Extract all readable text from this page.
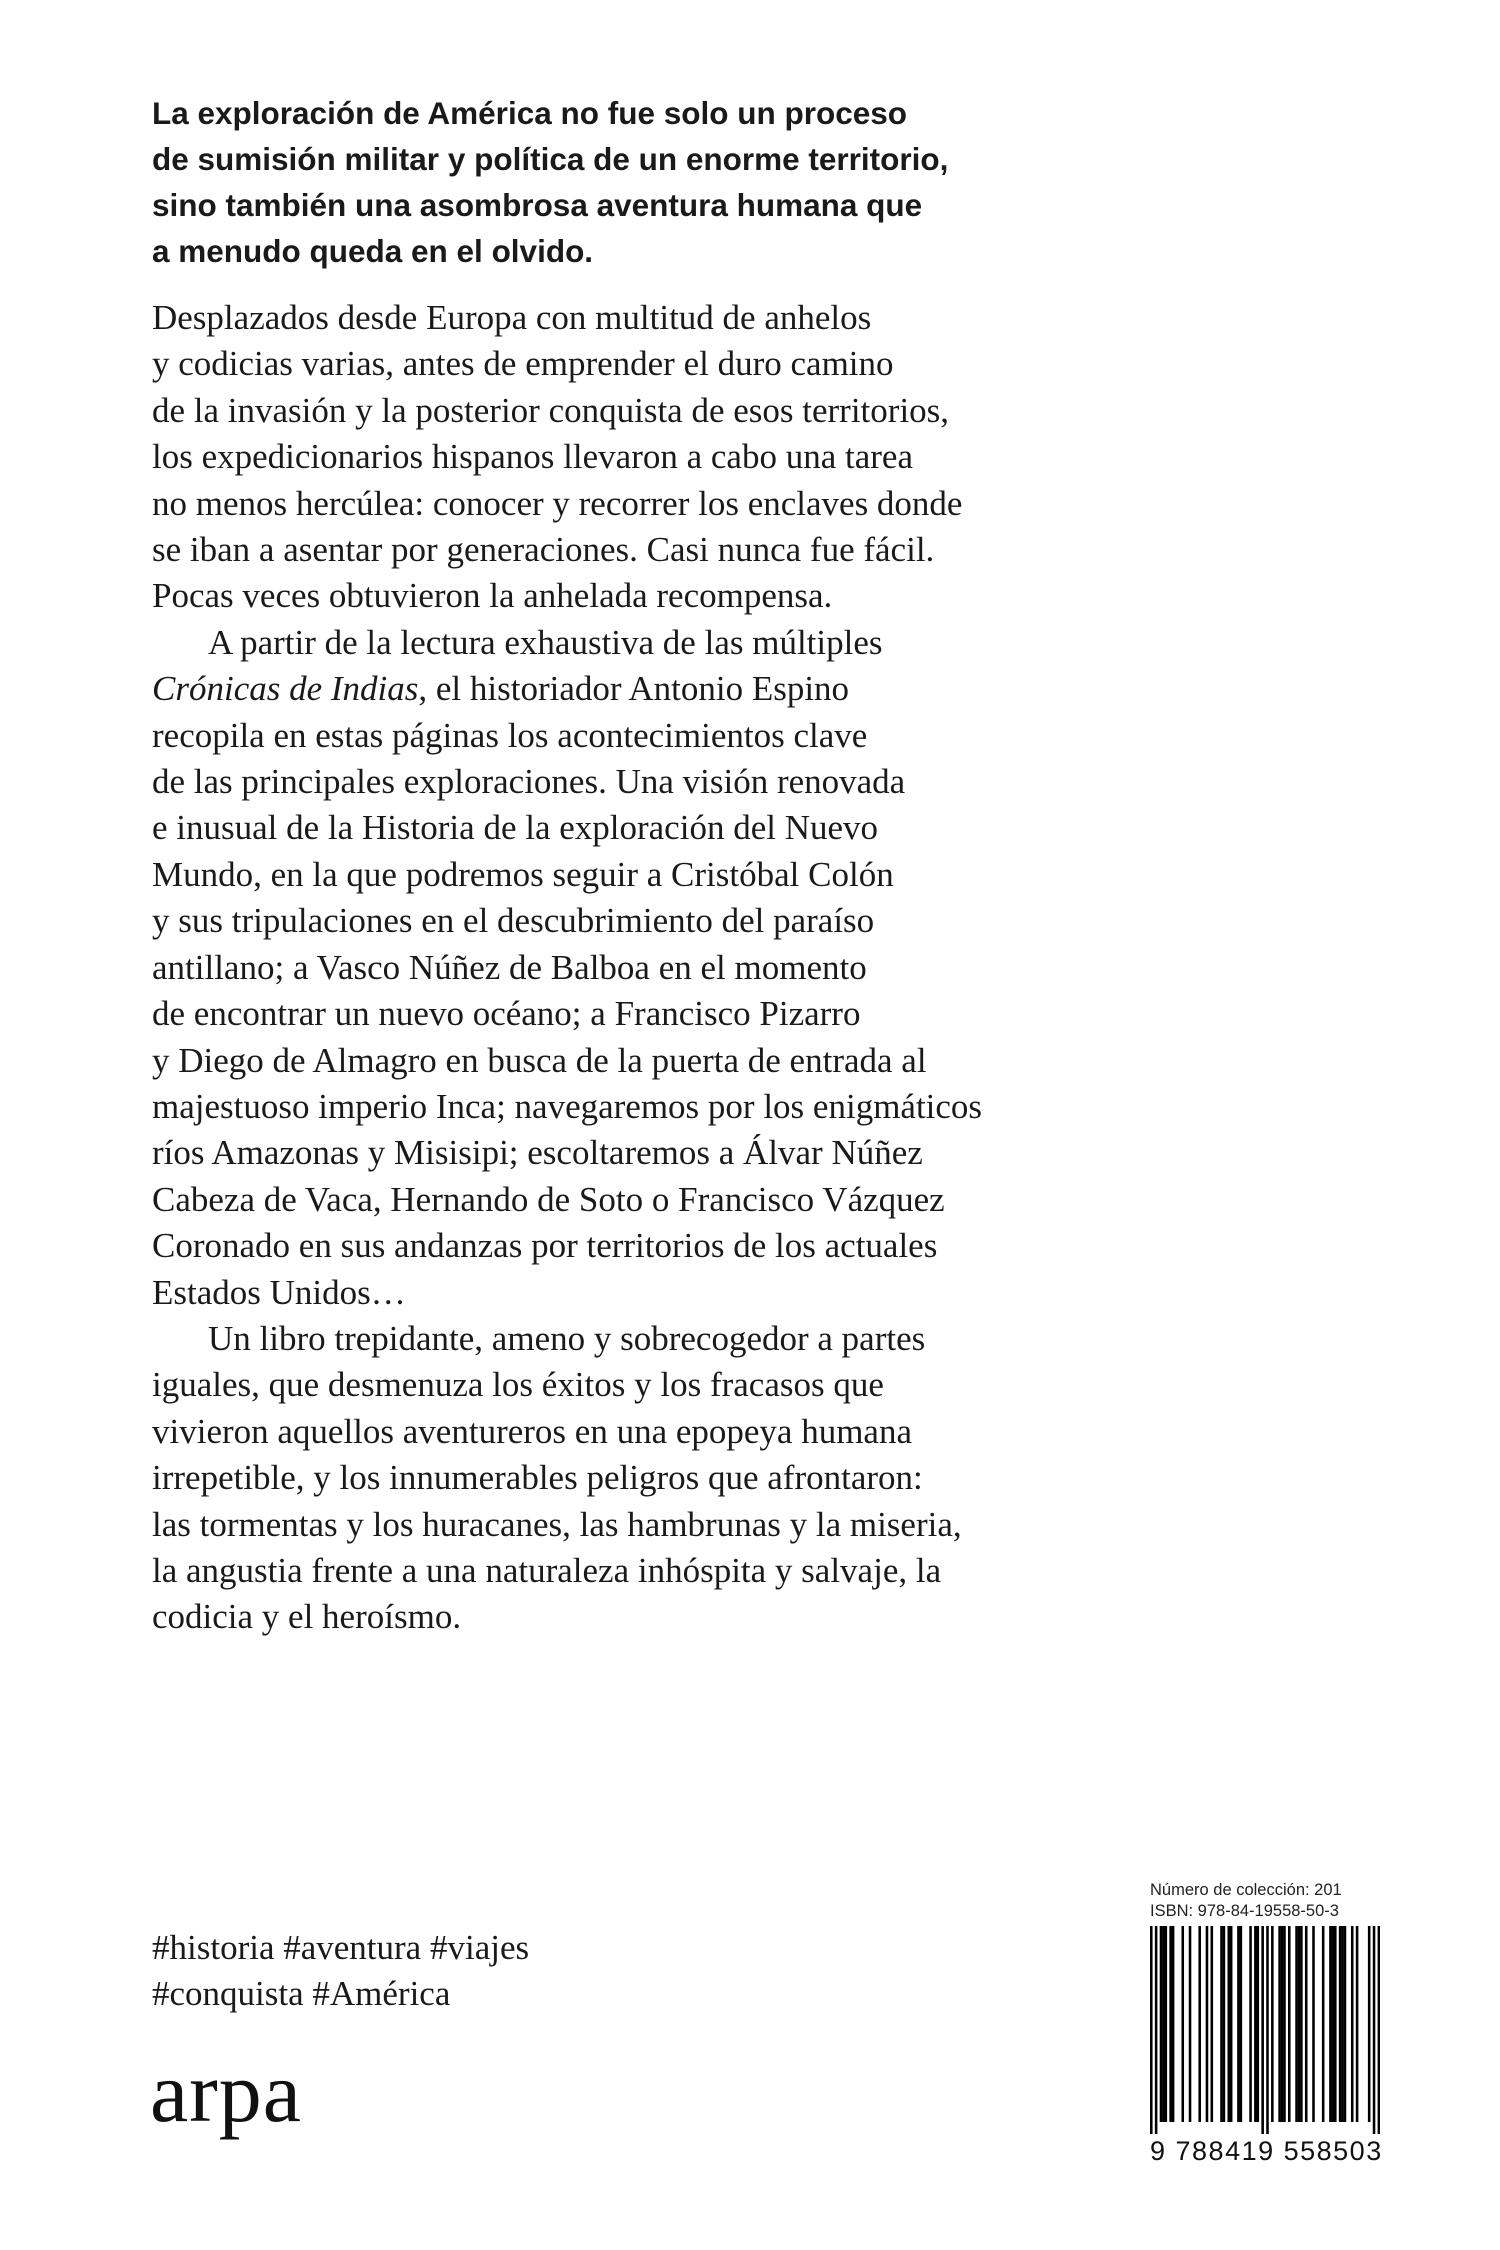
La exploración de América no fue solo un proceso
de sumisión militar y política de un enorme territorio,
sino también una asombrosa aventura humana que
a menudo queda en el olvido.
Desplazados desde Europa con multitud de anhelos
y codicias varias, antes de emprender el duro camino
de la invasión y la posterior conquista de esos territorios,
los expedicionarios hispanos llevaron a cabo una tarea
no menos hercúlea: conocer y recorrer los enclaves donde
se iban a asentar por generaciones. Casi nunca fue fácil.
Pocas veces obtuvieron la anhelada recompensa.
A partir de la lectura exhaustiva de las múltiples
Crónicas de Indias, el historiador Antonio Espino
recopila en estas páginas los acontecimientos clave
de las principales exploraciones. Una visión renovada
e inusual de la Historia de la exploración del Nuevo
Mundo, en la que podremos seguir a Cristóbal Colón
y sus tripulaciones en el descubrimiento del paraíso
antillano; a Vasco Núñez de Balboa en el momento
de encontrar un nuevo océano; a Francisco Pizarro
y Diego de Almagro en busca de la puerta de entrada al
majestuoso imperio Inca; navegaremos por los enigmáticos
ríos Amazonas y Misisipi; escoltaremos a Álvar Núñez
Cabeza de Vaca, Hernando de Soto o Francisco Vázquez
Coronado en sus andanzas por territorios de los actuales
Estados Unidos…
Un libro trepidante, ameno y sobrecogedor a partes
iguales, que desmenuza los éxitos y los fracasos que
vivieron aquellos aventureros en una epopeya humana
irrepetible, y los innumerables peligros que afrontaron:
las tormentas y los huracanes, las hambrunas y la miseria,
la angustia frente a una naturaleza inhóspita y salvaje, la
codicia y el heroísmo.
#historia #aventura #viajes
#conquista #América
arpa
Número de colección: 201
ISBN: 978-84-19558-50-3
9 788419 558503
